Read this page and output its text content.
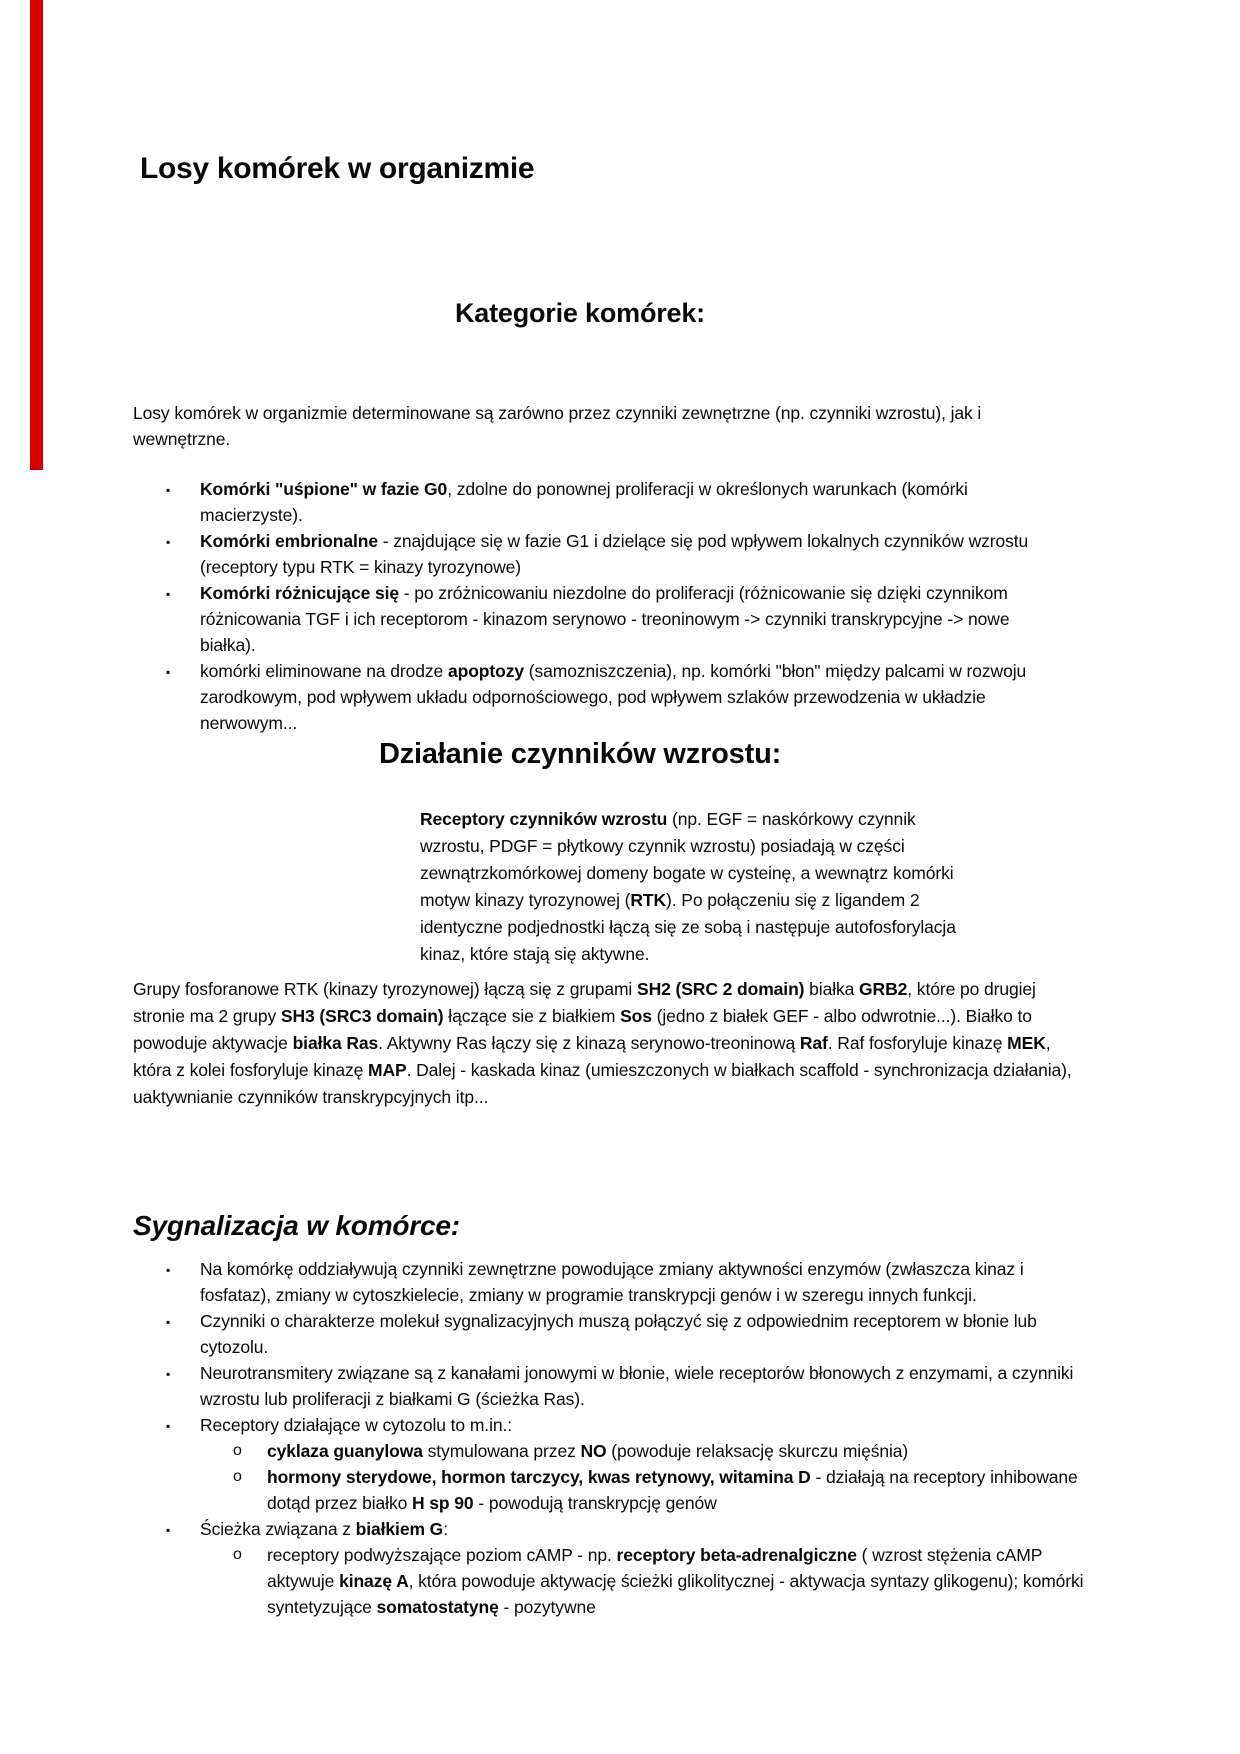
Losy komórek w organizmie
Kategorie komórek:
Losy komórek w organizmie determinowane są zarówno przez czynniki zewnętrzne (np. czynniki wzrostu), jak i wewnętrzne.
▪ Komórki "uśpione" w fazie G0, zdolne do ponownej proliferacji w określonych warunkach (komórki macierzyste).
▪ Komórki embrionalne - znajdujące się w fazie G1 i dzielące się pod wpływem lokalnych czynników wzrostu (receptory typu RTK = kinazy tyrozynowe)
▪ Komórki różnicujące się - po zróżnicowaniu niezdolne do proliferacji (różnicowanie się dzięki czynnikom różnicowania TGF i ich receptorom - kinazom serynowo - treoninowym -> czynniki transkrypcyjne -> nowe białka).
▪ komórki eliminowane na drodze apoptozy (samozniszczenia), np. komórki "błon" między palcami w rozwoju zarodkowym, pod wpływem układu odpornościowego, pod wpływem szlaków przewodzenia w układzie nerwowym...
Działanie czynników wzrostu:
Receptory czynników wzrostu (np. EGF = naskórkowy czynnik wzrostu, PDGF = płytkowy czynnik wzrostu) posiadają w części zewnątrzkomórkowej domeny bogate w cysteinę, a wewnątrz komórki motyw kinazy tyrozynowej (RTK). Po połączeniu się z ligandem 2 identyczne podjednostki łączą się ze sobą i następuje autofosforylacja kinaz, które stają się aktywne.
Grupy fosforanowe RTK (kinazy tyrozynowej) łączą się z grupami SH2 (SRC 2 domain) białka GRB2, które po drugiej stronie ma 2 grupy SH3 (SRC3 domain) łączące sie z białkiem Sos (jedno z białek GEF - albo odwrotnie...). Białko to powoduje aktywacje białka Ras. Aktywny Ras łączy się z kinazą serynowo-treoninową Raf. Raf fosforyluje kinazę MEK, która z kolei fosforyluje kinazę MAP. Dalej - kaskada kinaz (umieszczonych w białkach scaffold - synchronizacja działania), uaktywnianie czynników transkrypcyjnych itp...
Sygnalizacja w komórce:
▪ Na komórkę oddziaływują czynniki zewnętrzne powodujące zmiany aktywności enzymów (zwłaszcza kinaz i fosfataz), zmiany w cytoszkielecie, zmiany w programie transkrypcji genów i w szeregu innych funkcji.
▪ Czynniki o charakterze molekuł sygnalizacyjnych muszą połączyć się z odpowiednim receptorem w błonie lub cytozolu.
▪ Neurotransmitery związane są z kanałami jonowymi w błonie, wiele receptorów błonowych z enzymami, a czynniki wzrostu lub proliferacji z białkami G (ścieżka Ras).
▪ Receptory działające w cytozolu to m.in.:
o cyklaza guanylowa stymulowana przez NO (powoduje relaksację skurczu mięśnia)
o hormony sterydowe, hormon tarczycy, kwas retynowy, witamina D - działają na receptory inhibowane dotąd przez białko H sp 90 - powodują transkrypcję genów
▪ Ścieżka związana z białkiem G:
o receptory podwyższające poziom cAMP - np. receptory beta-adrenalgiczne ( wzrost stężenia cAMP aktywuje kinazę A, która powoduje aktywację ścieżki glikolitycznej - aktywacja syntazy glikogenu); komórki syntetyzujące somatostatynę - pozytywne
